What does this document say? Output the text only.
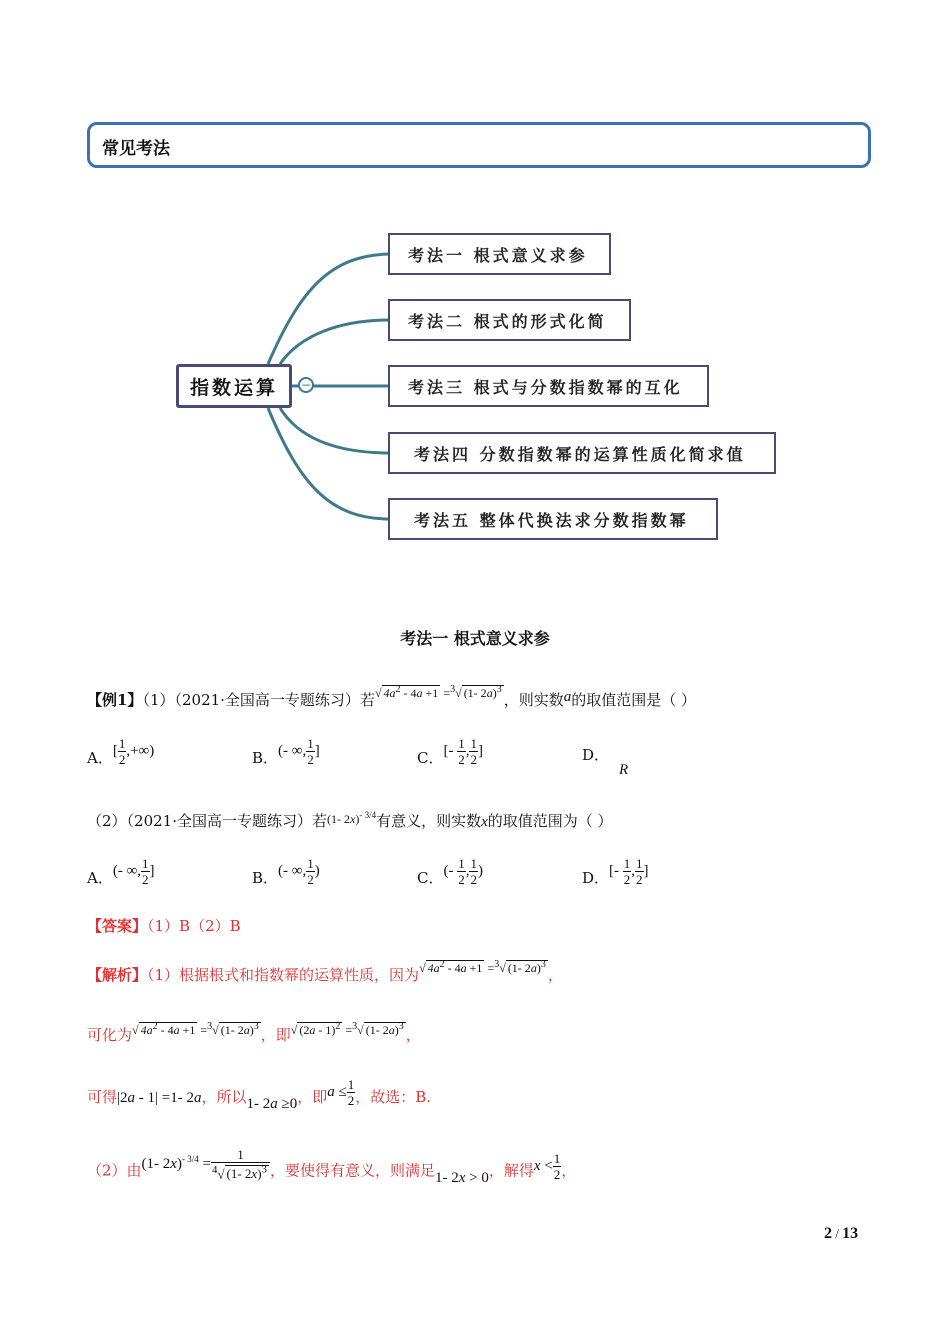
常见考法
指数运算	−
考法一 根式意义求参
考法二 根式的形式化简
考法三 根式与分数指数幂的互化
考法四 分数指数幂的运算性质化简求值
考法五 整体代换法求分数指数幂
考法一 根式意义求参
【例1】（1）（2021·全国高一专题练习）若$^{√ 4a^2 - 4a +1 =^3√ (1- 2a)^3}$，则实数a的取值范围是（ ）
A．[ $\frac{1}{2}$ ,+∞)	B．(- ∞, $\frac{1}{2}$ ]	C．[- $\frac{1}{2}$ , $\frac{1}{2}$ ]	D．R
（2）（2021·全国高一专题练习）若$^{(1- 2x)^{- 3/4}}$有意义，则实数x的取值范围为（ ）
A．(- ∞, $\frac{1}{2}$ ]	B．(- ∞, $\frac{1}{2}$ )	C．(- $\frac{1}{2}$ , $\frac{1}{2}$ )	D．[- $\frac{1}{2}$ , $\frac{1}{2}$ ]
【答案】（1）B（2）B
【解析】（1）根据根式和指数幂的运算性质，因为$^{√ 4a^2 - 4a +1 =^3√ (1- 2a)^3}$，
可化为$^{√ 4a^2 - 4a +1 =^3√ (1- 2a)^3}$ ，即$^{√ (2a - 1)^2 =^3√ (1- 2a)^3}$ ，
可得|2a - 1| =1- 2a，所以1- 2a ≥0，即$a \le \frac{1}{2}$ ，故选：B.
（2）由(1- $2x)^{- 3/4} = \frac{1}{^4√ (1- 2x)^3}$ ，要使得有意义，则满足1- 2x > 0，解得$x < \frac{1}{2}$ ，
2 / 13
